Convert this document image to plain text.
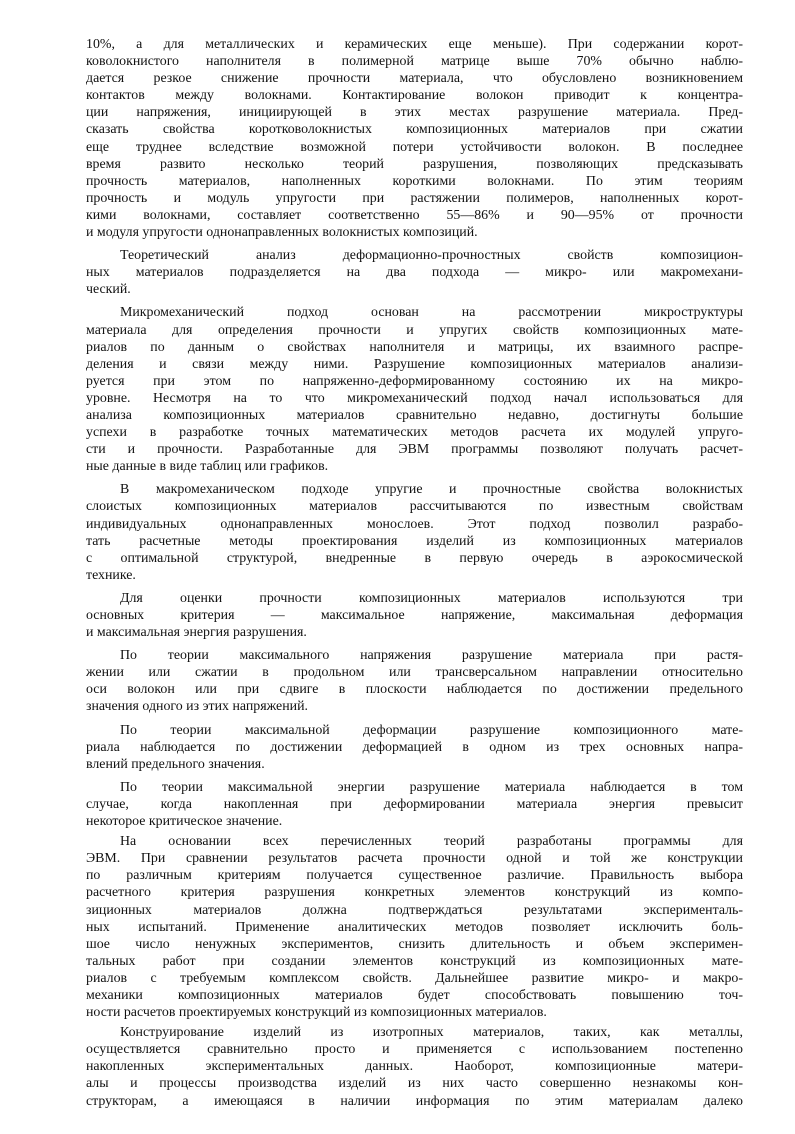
10%, а для металлических и керамических еще меньше). При содержании корот-
коволокнистого наполнителя в полимерной матрице выше 70% обычно наблю-
дается резкое снижение прочности материала, что обусловлено возникновением
контактов между волокнами. Контактирование волокон приводит к концентра-
ции напряжения, инициирующей в этих местах разрушение материала. Пред-
сказать свойства коротковолокнистых композиционных материалов при сжатии
еще труднее вследствие возможной потери устойчивости волокон. В последнее
время развито несколько теорий разрушения, позволяющих предсказывать
прочность материалов, наполненных короткими волокнами. По этим теориям
прочность и модуль упругости при растяжении полимеров, наполненных корот-
кими волокнами, составляет соответственно 55—86% и 90—95% от прочности
и модуля упругости однонаправленных волокнистых композиций.
Теоретический анализ деформационно-прочностных свойств композицион-
ных материалов подразделяется на два подхода — микро- или макромехани-
ческий.
Микромеханический подход основан на рассмотрении микроструктуры
материала для определения прочности и упругих свойств композиционных мате-
риалов по данным о свойствах наполнителя и матрицы, их взаимного распре-
деления и связи между ними. Разрушение композиционных материалов анализи-
руется при этом по напряженно-деформированному состоянию их на микро-
уровне. Несмотря на то что микромеханический подход начал использоваться для
анализа композиционных материалов сравнительно недавно, достигнуты большие
успехи в разработке точных математических методов расчета их модулей упруго-
сти и прочности. Разработанные для ЭВМ программы позволяют получать расчет-
ные данные в виде таблиц или графиков.
В макромеханическом подходе упругие и прочностные свойства волокнистых
слоистых композиционных материалов рассчитываются по известным свойствам
индивидуальных однонаправленных монослоев. Этот подход позволил разрабо-
тать расчетные методы проектирования изделий из композиционных материалов
с оптимальной структурой, внедренные в первую очередь в аэрокосмической
технике.
Для оценки прочности композиционных материалов используются три
основных критерия — максимальное напряжение, максимальная деформация
и максимальная энергия разрушения.
По теории максимального напряжения разрушение материала при растя-
жении или сжатии в продольном или трансверсальном направлении относительно
оси волокон или при сдвиге в плоскости наблюдается по достижении предельного
значения одного из этих напряжений.
По теории максимальной деформации разрушение композиционного мате-
риала наблюдается по достижении деформацией в одном из трех основных напра-
влений предельного значения.
По теории максимальной энергии разрушение материала наблюдается в том
случае, когда накопленная при деформировании материала энергия превысит
некоторое критическое значение.
На основании всех перечисленных теорий разработаны программы для
ЭВМ. При сравнении результатов расчета прочности одной и той же конструкции
по различным критериям получается существенное различие. Правильность выбора
расчетного критерия разрушения конкретных элементов конструкций из компо-
зиционных материалов должна подтверждаться результатами эксперименталь-
ных испытаний. Применение аналитических методов позволяет исключить боль-
шое число ненужных экспериментов, снизить длительность и объем эксперимен-
тальных работ при создании элементов конструкций из композиционных мате-
риалов с требуемым комплексом свойств. Дальнейшее развитие микро- и макро-
механики композиционных материалов будет способствовать повышению точ-
ности расчетов проектируемых конструкций из композиционных материалов.
Конструирование изделий из изотропных материалов, таких, как металлы,
осуществляется сравнительно просто и применяется с использованием постепенно
накопленных экспериментальных данных. Наоборот, композиционные матери-
алы и процессы производства изделий из них часто совершенно незнакомы кон-
структорам, а имеющаяся в наличии информация по этим материалам далеко
